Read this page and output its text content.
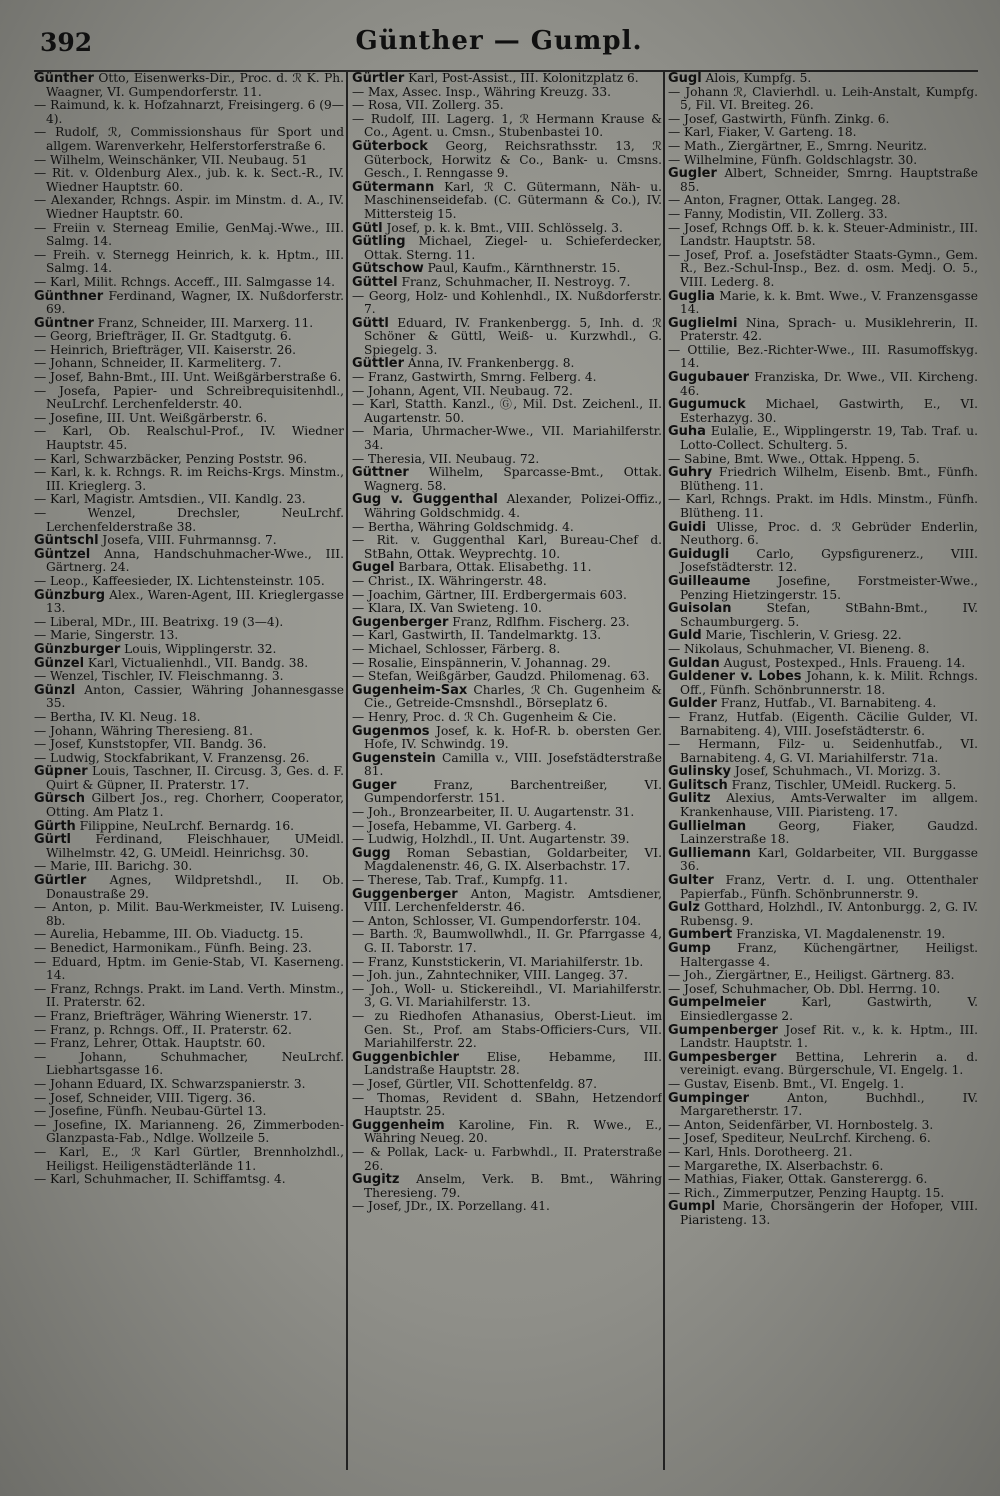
392	Günther — Gumpl.

Günther Otto, Eisenwerks-Dir., Proc. d. ℛ K. Ph. Waagner, VI. Gumpendorferstr. 11.

— Raimund, k. k. Hofzahnarzt, Freisingerg. 6 (9—4).

— Rudolf, ℛ, Commissionshaus für Sport und allgem. Warenverkehr, Helferstorferstraße 6.

— Wilhelm, Weinschänker, VII. Neubaug. 51

— Rit. v. Oldenburg Alex., jub. k. k. Sect.-R., IV. Wiedner Hauptstr. 60.

— Alexander, Rchngs. Aspir. im Minstm. d. A., IV. Wiedner Hauptstr. 60.

— Freiin v. Sterneag Emilie, GenMaj.-Wwe., III. Salmg. 14.

— Freih. v. Sternegg Heinrich, k. k. Hptm., III. Salmg. 14.

— Karl, Milit. Rchngs. Acceff., III. Salmgasse 14.

Günthner Ferdinand, Wagner, IX. Nußdorferstr. 69.

Güntner Franz, Schneider, III. Marxerg. 11.

— Georg, Briefträger, II. Gr. Stadtgutg. 6.

— Heinrich, Briefträger, VII. Kaiserstr. 26.

— Johann, Schneider, II. Karmeliterg. 7.

— Josef, Bahn-Bmt., III. Unt. Weißgärberstraße 6.

— Josefa, Papier- und Schreibrequisitenhdl., NeuLrchf. Lerchenfelderstr. 40.

— Josefine, III. Unt. Weißgärberstr. 6.

— Karl, Ob. Realschul-Prof., IV. Wiedner Hauptstr. 45.

— Karl, Schwarzbäcker, Penzing Poststr. 96.

— Karl, k. k. Rchngs. R. im Reichs-Krgs. Minstm., III. Krieglerg. 3.

— Karl, Magistr. Amtsdien., VII. Kandlg. 23.

— Wenzel, Drechsler, NeuLrchf. Lerchenfelderstraße 38.

Güntschl Josefa, VIII. Fuhrmannsg. 7.

Güntzel Anna, Handschuhmacher-Wwe., III. Gärtnerg. 24.

— Leop., Kaffeesieder, IX. Lichtensteinstr. 105.

Günzburg Alex., Waren-Agent, III. Krieglergasse 13.

— Liberal, MDr., III. Beatrixg. 19 (3—4).

— Marie, Singerstr. 13.

Günzburger Louis, Wipplingerstr. 32.

Günzel Karl, Victualienhdl., VII. Bandg. 38.

— Wenzel, Tischler, IV. Fleischmanng. 3.

Günzl Anton, Cassier, Währing Johannesgasse 35.

— Bertha, IV. Kl. Neug. 18.

— Johann, Währing Theresieng. 81.

— Josef, Kunststopfer, VII. Bandg. 36.

— Ludwig, Stockfabrikant, V. Franzensg. 26.

Güpner Louis, Taschner, II. Circusg. 3, Ges. d. F. Quirt & Güpner, II. Praterstr. 17.

Gürsch Gilbert Jos., reg. Chorherr, Cooperator, Otting. Am Platz 1.

Gürth Filippine, NeuLrchf. Bernardg. 16.

Gürtl Ferdinand, Fleischhauer, UMeidl. Wilhelmstr. 42, G. UMeidl. Heinrichsg. 30.

— Marie, III. Barichg. 30.

Gürtler Agnes, Wildpretshdl., II. Ob. Donaustraße 29.

— Anton, p. Milit. Bau-Werkmeister, IV. Luiseng. 8b.

— Aurelia, Hebamme, III. Ob. Viaductg. 15.

— Benedict, Harmonikam., Fünfh. Being. 23.

— Eduard, Hptm. im Genie-Stab, VI. Kaserneng. 14.

— Franz, Rchngs. Prakt. im Land. Verth. Minstm., II. Praterstr. 62.

— Franz, Briefträger, Währing Wienerstr. 17.

— Franz, p. Rchngs. Off., II. Praterstr. 62.

— Franz, Lehrer, Ottak. Hauptstr. 60.

— Johann, Schuhmacher, NeuLrchf. Liebhartsgasse 16.

— Johann Eduard, IX. Schwarzspanierstr. 3.

— Josef, Schneider, VIII. Tigerg. 36.

— Josefine, Fünfh. Neubau-Gürtel 13.

— Josefine, IX. Marianneng. 26, Zimmerboden-Glanzpasta-Fab., Ndlge. Wollzeile 5.

— Karl, E., ℛ Karl Gürtler, Brennholzhdl., Heiligst. Heiligenstädterlände 11.

— Karl, Schuhmacher, II. Schiffamtsg. 4.

Gürtler Karl, Post-Assist., III. Kolonitzplatz 6.

— Max, Assec. Insp., Währing Kreuzg. 33.

— Rosa, VII. Zollerg. 35.

— Rudolf, III. Lagerg. 1, ℛ Hermann Krause & Co., Agent. u. Cmsn., Stubenbastei 10.

Güterbock Georg, Reichsrathsstr. 13, ℛ Güterbock, Horwitz & Co., Bank- u. Cmsns. Gesch., I. Renngasse 9.

Gütermann Karl, ℛ C. Gütermann, Näh- u. Maschinenseidefab. (C. Gütermann & Co.), IV. Mittersteig 15.

Gütl Josef, p. k. k. Bmt., VIII. Schlösselg. 3.

Gütling Michael, Ziegel- u. Schieferdecker, Ottak. Sterng. 11.

Gütschow Paul, Kaufm., Kärnthnerstr. 15.

Güttel Franz, Schuhmacher, II. Nestroyg. 7.

— Georg, Holz- und Kohlenhdl., IX. Nußdorferstr. 7.

Güttl Eduard, IV. Frankenbergg. 5, Inh. d. ℛ Schöner & Güttl, Weiß- u. Kurzwhdl., G. Spiegelg. 3.

Güttler Anna, IV. Frankenbergg. 8.

— Franz, Gastwirth, Smrng. Felberg. 4.

— Johann, Agent, VII. Neubaug. 72.

— Karl, Statth. Kanzl., Ⓖ, Mil. Dst. Zeichenl., II. Augartenstr. 50.

— Maria, Uhrmacher-Wwe., VII. Mariahilferstr. 34.

— Theresia, VII. Neubaug. 72.

Güttner Wilhelm, Sparcasse-Bmt., Ottak. Wagnerg. 58.

Gug v. Guggenthal Alexander, Polizei-Offiz., Währing Goldschmidg. 4.

— Bertha, Währing Goldschmidg. 4.

— Rit. v. Guggenthal Karl, Bureau-Chef d. StBahn, Ottak. Weyprechtg. 10.

Gugel Barbara, Ottak. Elisabethg. 11.

— Christ., IX. Währingerstr. 48.

— Joachim, Gärtner, III. Erdbergermais 603.

— Klara, IX. Van Swieteng. 10.

Gugenberger Franz, Rdlfhm. Fischerg. 23.

— Karl, Gastwirth, II. Tandelmarktg. 13.

— Michael, Schlosser, Färberg. 8.

— Rosalie, Einspännerin, V. Johannag. 29.

— Stefan, Weißgärber, Gaudzd. Philomenag. 63.

Gugenheim-Sax Charles, ℛ Ch. Gugenheim & Cie., Getreide-Cmsnshdl., Börseplatz 6.

— Henry, Proc. d. ℛ Ch. Gugenheim & Cie.

Gugenmos Josef, k. k. Hof-R. b. obersten Ger. Hofe, IV. Schwindg. 19.

Gugenstein Camilla v., VIII. Josefstädterstraße 81.

Guger Franz, Barchentreißer, VI. Gumpendorferstr. 151.

— Joh., Bronzearbeiter, II. U. Augartenstr. 31.

— Josefa, Hebamme, VI. Garberg. 4.

— Ludwig, Holzhdl., II. Unt. Augartenstr. 39.

Gugg Roman Sebastian, Goldarbeiter, VI. Magdalenenstr. 46, G. IX. Alserbachstr. 17.

— Therese, Tab. Traf., Kumpfg. 11.

Guggenberger Anton, Magistr. Amtsdiener, VIII. Lerchenfelderstr. 46.

— Anton, Schlosser, VI. Gumpendorferstr. 104.

— Barth. ℛ, Baumwollwhdl., II. Gr. Pfarrgasse 4, G. II. Taborstr. 17.

— Franz, Kunststickerin, VI. Mariahilferstr. 1b.

— Joh. jun., Zahntechniker, VIII. Langeg. 37.

— Joh., Woll- u. Stickereihdl., VI. Mariahilferstr. 3, G. VI. Mariahilferstr. 13.

— zu Riedhofen Athanasius, Oberst-Lieut. im Gen. St., Prof. am Stabs-Officiers-Curs, VII. Mariahilferstr. 22.

Guggenbichler Elise, Hebamme, III. Landstraße Hauptstr. 28.

— Josef, Gürtler, VII. Schottenfeldg. 87.

— Thomas, Revident d. SBahn, Hetzendorf Hauptstr. 25.

Guggenheim Karoline, Fin. R. Wwe., E., Währing Neueg. 20.

— & Pollak, Lack- u. Farbwhdl., II. Praterstraße 26.

Gugitz Anselm, Verk. B. Bmt., Währing Theresieng. 79.

— Josef, JDr., IX. Porzellang. 41.

Gugl Alois, Kumpfg. 5.

— Johann ℛ, Clavierhdl. u. Leih-Anstalt, Kumpfg. 5, Fil. VI. Breiteg. 26.

— Josef, Gastwirth, Fünfh. Zinkg. 6.

— Karl, Fiaker, V. Garteng. 18.

— Math., Ziergärtner, E., Smrng. Neuritz.

— Wilhelmine, Fünfh. Goldschlagstr. 30.

Gugler Albert, Schneider, Smrng. Hauptstraße 85.

— Anton, Fragner, Ottak. Langeg. 28.

— Fanny, Modistin, VII. Zollerg. 33.

— Josef, Rchngs Off. b. k. k. Steuer-Administr., III. Landstr. Hauptstr. 58.

— Josef, Prof. a. Josefstädter Staats-Gymn., Gem. R., Bez.-Schul-Insp., Bez. d. osm. Medj. O. 5., VIII. Lederg. 8.

Guglia Marie, k. k. Bmt. Wwe., V. Franzensgasse 14.

Guglielmi Nina, Sprach- u. Musiklehrerin, II. Praterstr. 42.

— Ottilie, Bez.-Richter-Wwe., III. Rasumoffskyg. 14.

Gugubauer Franziska, Dr. Wwe., VII. Kircheng. 46.

Gugumuck Michael, Gastwirth, E., VI. Esterhazyg. 30.

Guha Eulalie, E., Wipplingerstr. 19, Tab. Traf. u. Lotto-Collect. Schulterg. 5.

— Sabine, Bmt. Wwe., Ottak. Hppeng. 5.

Guhry Friedrich Wilhelm, Eisenb. Bmt., Fünfh. Blütheng. 11.

— Karl, Rchngs. Prakt. im Hdls. Minstm., Fünfh. Blütheng. 11.

Guidi Ulisse, Proc. d. ℛ Gebrüder Enderlin, Neuthorg. 6.

Guidugli Carlo, Gypsfigurenerz., VIII. Josefstädterstr. 12.

Guilleaume Josefine, Forstmeister-Wwe., Penzing Hietzingerstr. 15.

Guisolan Stefan, StBahn-Bmt., IV. Schaumburgerg. 5.

Guld Marie, Tischlerin, V. Griesg. 22.

— Nikolaus, Schuhmacher, VI. Bieneng. 8.

Guldan August, Postexped., Hnls. Fraueng. 14.

Guldener v. Lobes Johann, k. k. Milit. Rchngs. Off., Fünfh. Schönbrunnerstr. 18.

Gulder Franz, Hutfab., VI. Barnabiteng. 4.

— Franz, Hutfab. (Eigenth. Cäcilie Gulder, VI. Barnabiteng. 4), VIII. Josefstädterstr. 6.

— Hermann, Filz- u. Seidenhutfab., VI. Barnabiteng. 4, G. VI. Mariahilferstr. 71a.

Gulinsky Josef, Schuhmach., VI. Morizg. 3.

Gulitsch Franz, Tischler, UMeidl. Ruckerg. 5.

Gulitz Alexius, Amts-Verwalter im allgem. Krankenhause, VIII. Piaristeng. 17.

Gullielman Georg, Fiaker, Gaudzd. Lainzerstraße 18.

Gulliemann Karl, Goldarbeiter, VII. Burggasse 36.

Gulter Franz, Vertr. d. I. ung. Ottenthaler Papierfab., Fünfh. Schönbrunnerstr. 9.

Gulz Gotthard, Holzhdl., IV. Antonburgg. 2, G. IV. Rubensg. 9.

Gumbert Franziska, VI. Magdalenenstr. 19.

Gump Franz, Küchengärtner, Heiligst. Haltergasse 4.

— Joh., Ziergärtner, E., Heiligst. Gärtnerg. 83.

— Josef, Schuhmacher, Ob. Dbl. Herrng. 10.

Gumpelmeier Karl, Gastwirth, V. Einsiedlergasse 2.

Gumpenberger Josef Rit. v., k. k. Hptm., III. Landstr. Hauptstr. 1.

Gumpesberger Bettina, Lehrerin a. d. vereinigt. evang. Bürgerschule, VI. Engelg. 1.

— Gustav, Eisenb. Bmt., VI. Engelg. 1.

Gumpinger Anton, Buchhdl., IV. Margaretherstr. 17.

— Anton, Seidenfärber, VI. Hornbostelg. 3.

— Josef, Spediteur, NeuLrchf. Kircheng. 6.

— Karl, Hnls. Dorotheerg. 21.

— Margarethe, IX. Alserbachstr. 6.

— Mathias, Fiaker, Ottak. Gansterergg. 6.

— Rich., Zimmerputzer, Penzing Hauptg. 15.

Gumpl Marie, Chorsängerin der Hofoper, VIII. Piaristeng. 13.
